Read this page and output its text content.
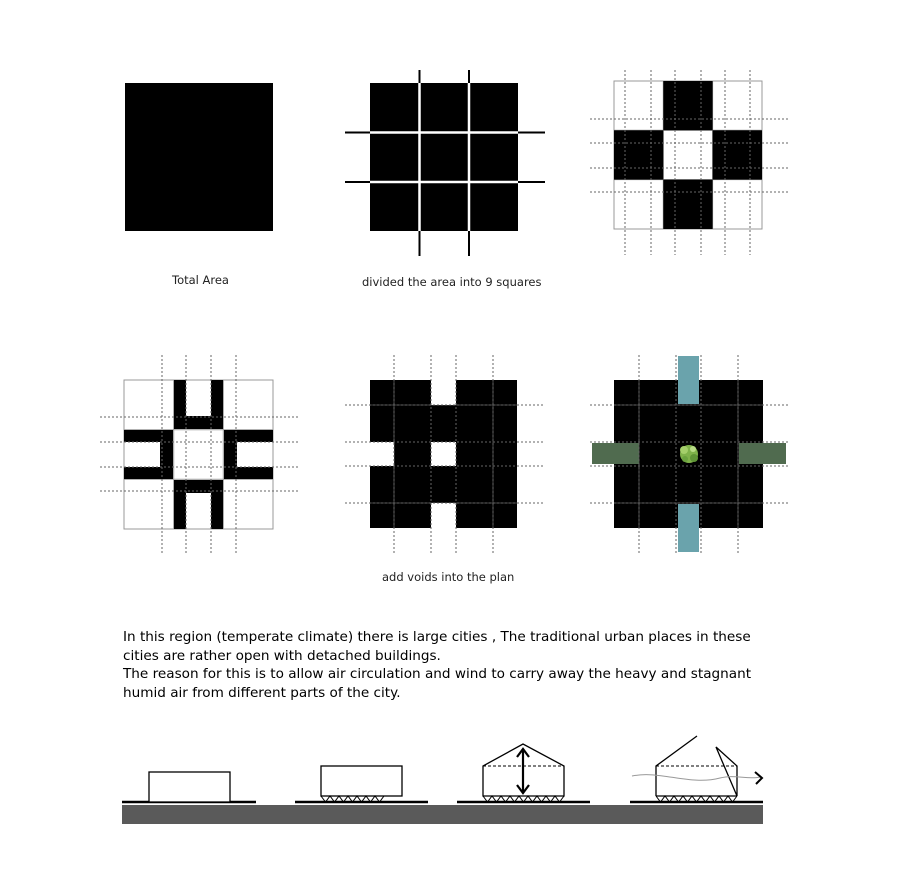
Total Area	divided the area into 9 squares
add voids into the plan

In this region (temperate climate) there is large cities , The traditional urban places in these cities are rather open with detached buildings.

The reason for this is to allow air circulation and wind to carry away the heavy and stagnant humid air from different parts of the city.
